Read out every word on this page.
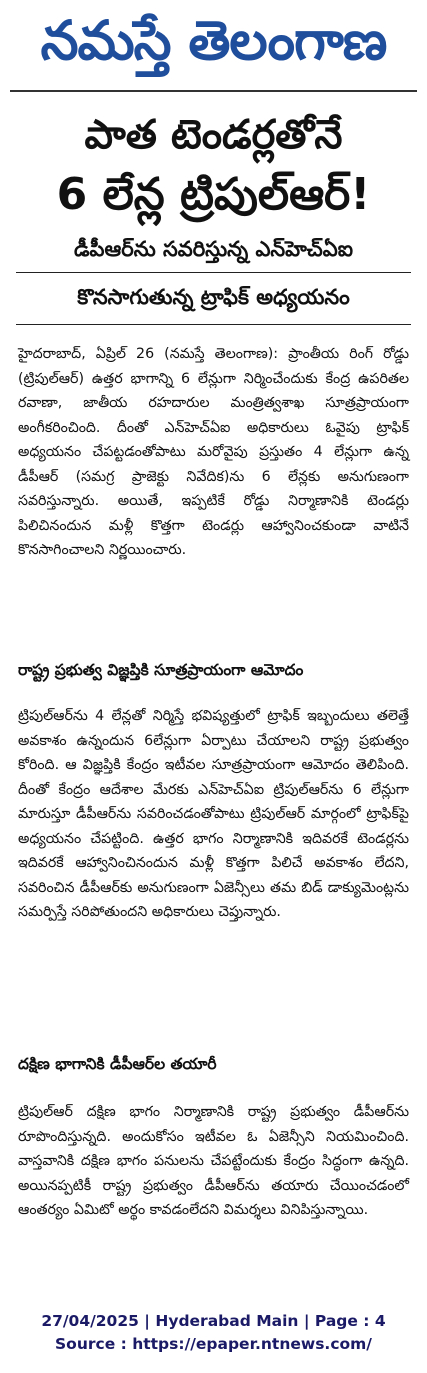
నమస్తే తెలంగాణ
పాత టెండర్లతోనే
6 లేన్ల ట్రిపుల్‌ఆర్!
డీపీఆర్‌ను సవరిస్తున్న ఎన్‌హెచ్‌ఏఐ
కొనసాగుతున్న ట్రాఫిక్ అధ్యయనం
హైదరాబాద్, ఏప్రిల్ 26 (నమస్తే తెలంగాణ): ప్రాంతీయ రింగ్ రోడ్డు (ట్రిపుల్‌ఆర్) ఉత్తర భాగాన్ని 6 లేన్లుగా నిర్మించేందుకు కేంద్ర ఉపరితల రవాణా, జాతీయ రహదారుల మంత్రిత్వశాఖ సూత్రప్రాయంగా అంగీకరించింది. దీంతో ఎన్‌హెచ్‌ఏఐ అధికారులు ఓవైపు ట్రాఫిక్ అధ్యయనం చేపట్టడంతోపాటు మరోవైపు ప్రస్తుతం 4 లేన్లుగా ఉన్న డీపీఆర్ (సమగ్ర ప్రాజెక్టు నివేదిక)ను 6 లేన్లకు అనుగుణంగా సవరిస్తున్నారు. అయితే, ఇప్పటికే రోడ్డు నిర్మాణానికి టెండర్లు పిలిచినందున మళ్లీ కొత్తగా టెండర్లు ఆహ్వానించకుండా వాటినే కొనసాగించాలని నిర్ణయించారు.
రాష్ట్ర ప్రభుత్వ విజ్ఞప్తికి సూత్రప్రాయంగా ఆమోదం
ట్రిపుల్‌ఆర్‌ను 4 లేన్లతో నిర్మిస్తే భవిష్యత్తులో ట్రాఫిక్ ఇబ్బందులు తలెత్తే అవకాశం ఉన్నందున 6లేన్లుగా ఏర్పాటు చేయాలని రాష్ట్ర ప్రభుత్వం కోరింది. ఆ విజ్ఞప్తికి కేంద్రం ఇటీవల సూత్రప్రాయంగా ఆమోదం తెలిపింది. దీంతో కేంద్రం ఆదేశాల మేరకు ఎన్‌హెచ్‌ఏఐ ట్రిపుల్‌ఆర్‌ను 6 లేన్లుగా మారుస్తూ డీపీఆర్‌ను సవరించడంతోపాటు ట్రిపుల్‌ఆర్ మార్గంలో ట్రాఫిక్‌పై అధ్యయనం చేపట్టింది. ఉత్తర భాగం నిర్మాణానికి ఇదివరకే టెండర్లను ఇదివరకే ఆహ్వానించినందున మళ్లీ కొత్తగా పిలిచే అవకాశం లేదని, సవరించిన డీపీఆర్‌కు అనుగుణంగా ఏజెన్సీలు తమ బిడ్ డాక్యుమెంట్లను సమర్పిస్తే సరిపోతుందని అధికారులు చెప్తున్నారు.
దక్షిణ భాగానికి డీపీఆర్‌ల తయారీ
ట్రిపుల్‌ఆర్ దక్షిణ భాగం నిర్మాణానికి రాష్ట్ర ప్రభుత్వం డీపీఆర్‌ను రూపొందిస్తున్నది. అందుకోసం ఇటీవల ఓ ఏజెన్సీని నియమించింది. వాస్తవానికి దక్షిణ భాగం పనులను చేపట్టేందుకు కేంద్రం సిద్ధంగా ఉన్నది. అయినప్పటికీ రాష్ట్ర ప్రభుత్వం డీపీఆర్‌ను తయారు చేయించడంలో ఆంతర్యం ఏమిటో అర్థం కావడంలేదని విమర్శలు వినిపిస్తున్నాయి.
27/04/2025 | Hyderabad Main | Page : 4
Source : https://epaper.ntnews.com/
